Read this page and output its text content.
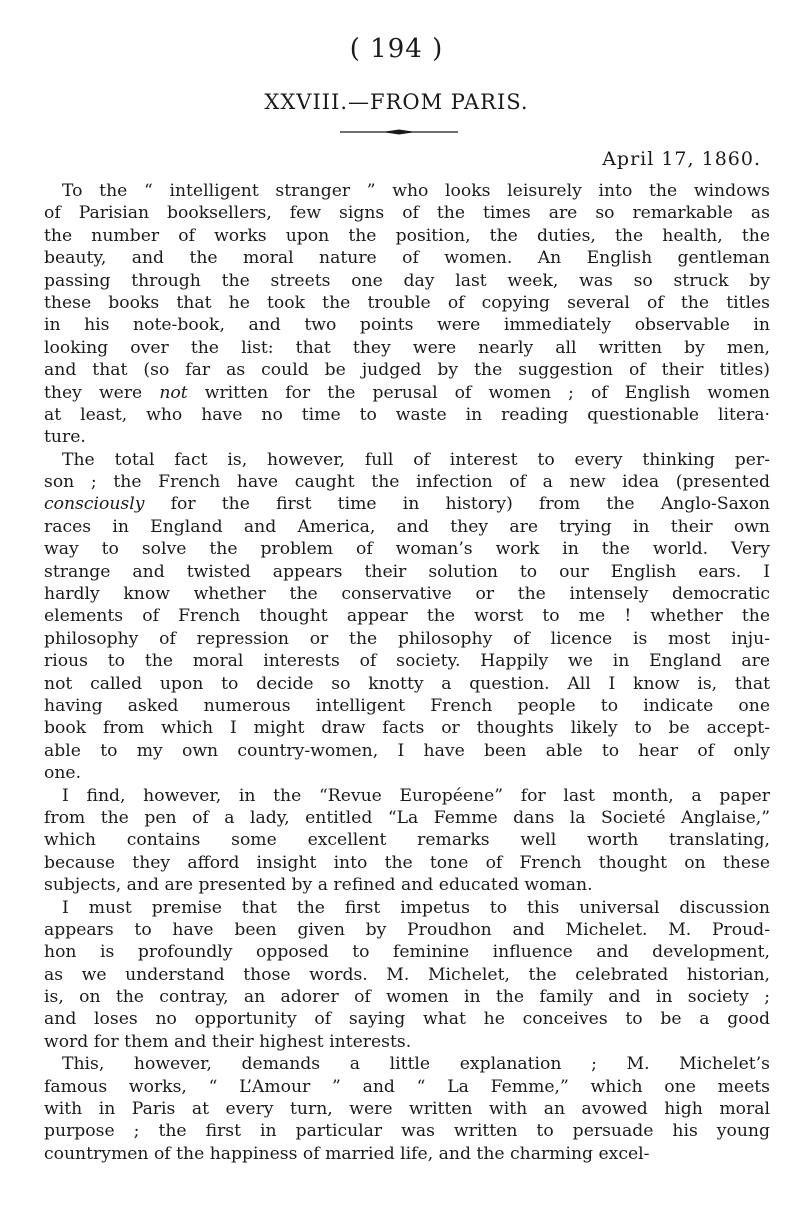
( 194 )
XXVIII.—FROM PARIS.
April 17, 1860.
To the “ intelligent stranger ” who looks leisurely into the windows
of Parisian booksellers, few signs of the times are so remarkable as
the number of works upon the position, the duties, the health, the
beauty, and the moral nature of women. An English gentleman
passing through the streets one day last week, was so struck by
these books that he took the trouble of copying several of the titles
in his note-book, and two points were immediately observable in
looking over the list: that they were nearly all written by men,
and that (so far as could be judged by the suggestion of their titles)
they were not written for the perusal of women ; of English women
at least, who have no time to waste in reading questionable litera·
ture.
The total fact is, however, full of interest to every thinking per-
son ; the French have caught the infection of a new idea (presented
consciously for the first time in history) from the Anglo-Saxon
races in England and America, and they are trying in their own
way to solve the problem of woman’s work in the world. Very
strange and twisted appears their solution to our English ears. I
hardly know whether the conservative or the intensely democratic
elements of French thought appear the worst to me ! whether the
philosophy of repression or the philosophy of licence is most inju-
rious to the moral interests of society. Happily we in England are
not called upon to decide so knotty a question. All I know is, that
having asked numerous intelligent French people to indicate one
book from which I might draw facts or thoughts likely to be accept-
able to my own country-women, I have been able to hear of only
one.
I find, however, in the “Revue Européene” for last month, a paper
from the pen of a lady, entitled “La Femme dans la Societé Anglaise,”
which contains some excellent remarks well worth translating,
because they afford insight into the tone of French thought on these
subjects, and are presented by a refined and educated woman.
I must premise that the first impetus to this universal discussion
appears to have been given by Proudhon and Michelet. M. Proud-
hon is profoundly opposed to feminine influence and development,
as we understand those words. M. Michelet, the celebrated historian,
is, on the contray, an adorer of women in the family and in society ;
and loses no opportunity of saying what he conceives to be a good
word for them and their highest interests.
This, however, demands a little explanation ; M. Michelet’s
famous works, “ L’Amour ” and “ La Femme,” which one meets
with in Paris at every turn, were written with an avowed high moral
purpose ; the first in particular was written to persuade his young
countrymen of the happiness of married life, and the charming excel-
